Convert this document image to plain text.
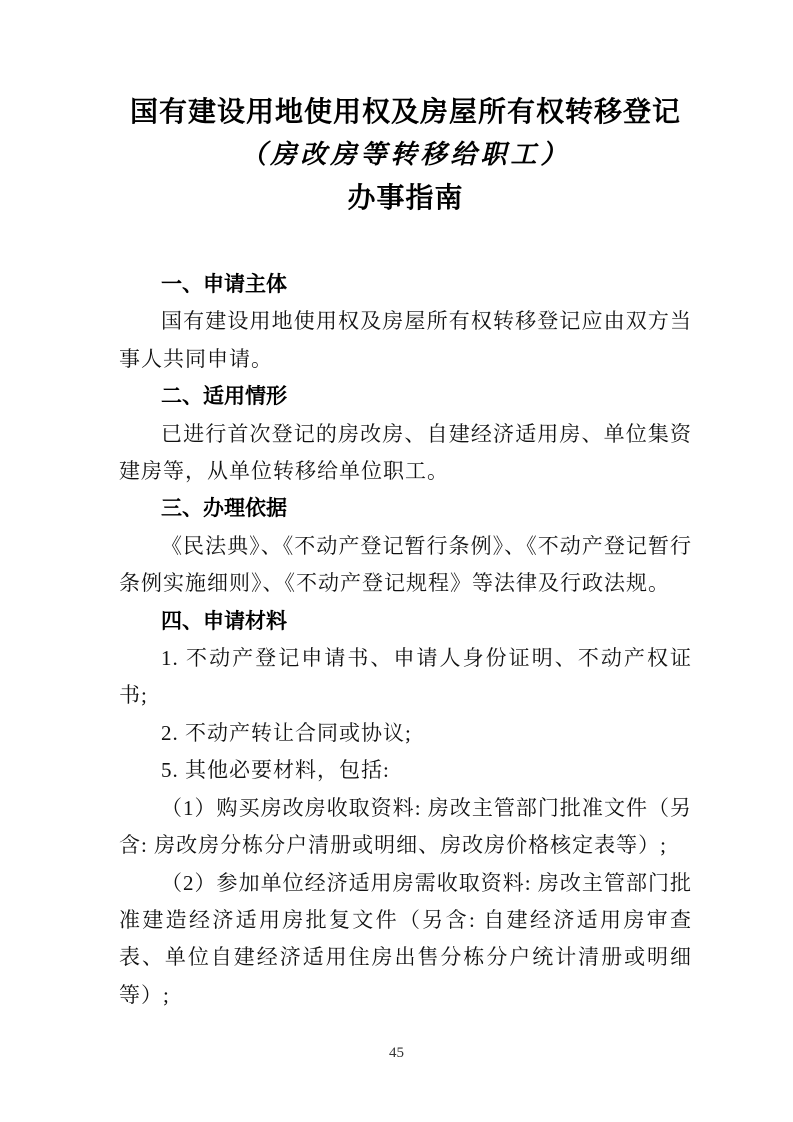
国有建设用地使用权及房屋所有权转移登记
（房改房等转移给职工）
办事指南
一、申请主体

国有建设用地使用权及房屋所有权转移登记应由双方当事人共同申请。

二、适用情形

已进行首次登记的房改房、自建经济适用房、单位集资建房等，从单位转移给单位职工。

三、办理依据

《民法典》、《不动产登记暂行条例》、《不动产登记暂行条例实施细则》、《不动产登记规程》等法律及行政法规。

四、申请材料

1. 不动产登记申请书、申请人身份证明、不动产权证书;

2. 不动产转让合同或协议;

5. 其他必要材料，包括:

（1）购买房改房收取资料: 房改主管部门批准文件（另含: 房改房分栋分户清册或明细、房改房价格核定表等）;

（2）参加单位经济适用房需收取资料: 房改主管部门批准建造经济适用房批复文件（另含: 自建经济适用房审查表、单位自建经济适用住房出售分栋分户统计清册或明细等）;

45
